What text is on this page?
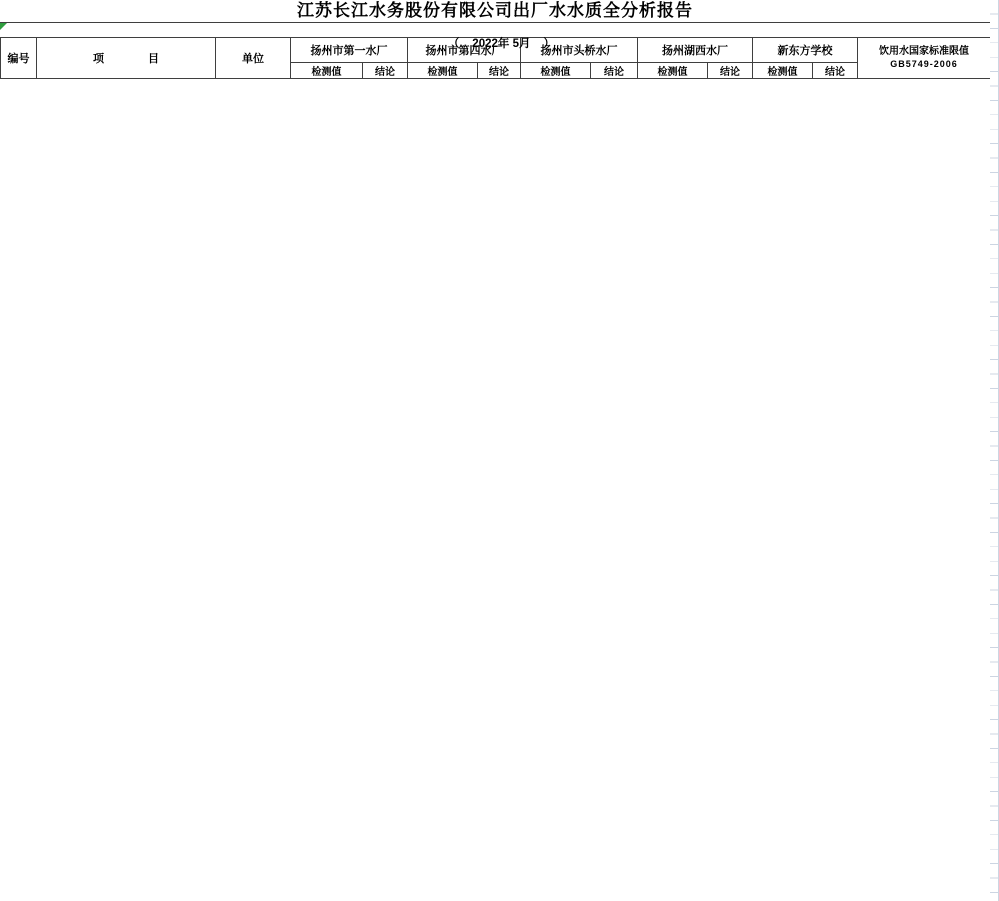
江苏长江水务股份有限公司出厂水水质全分析报告

（    2022年 5月    ）

编号	项　　　　目	单位	扬州市第一水厂		扬州市第四水厂		扬州市头桥水厂		扬州湖西水厂		新东方学校		饮用水国家标准限值
GB5749-2006

			检测值	结论	检测值	结论	检测值	结论	检测值	结论	检测值	结论	
